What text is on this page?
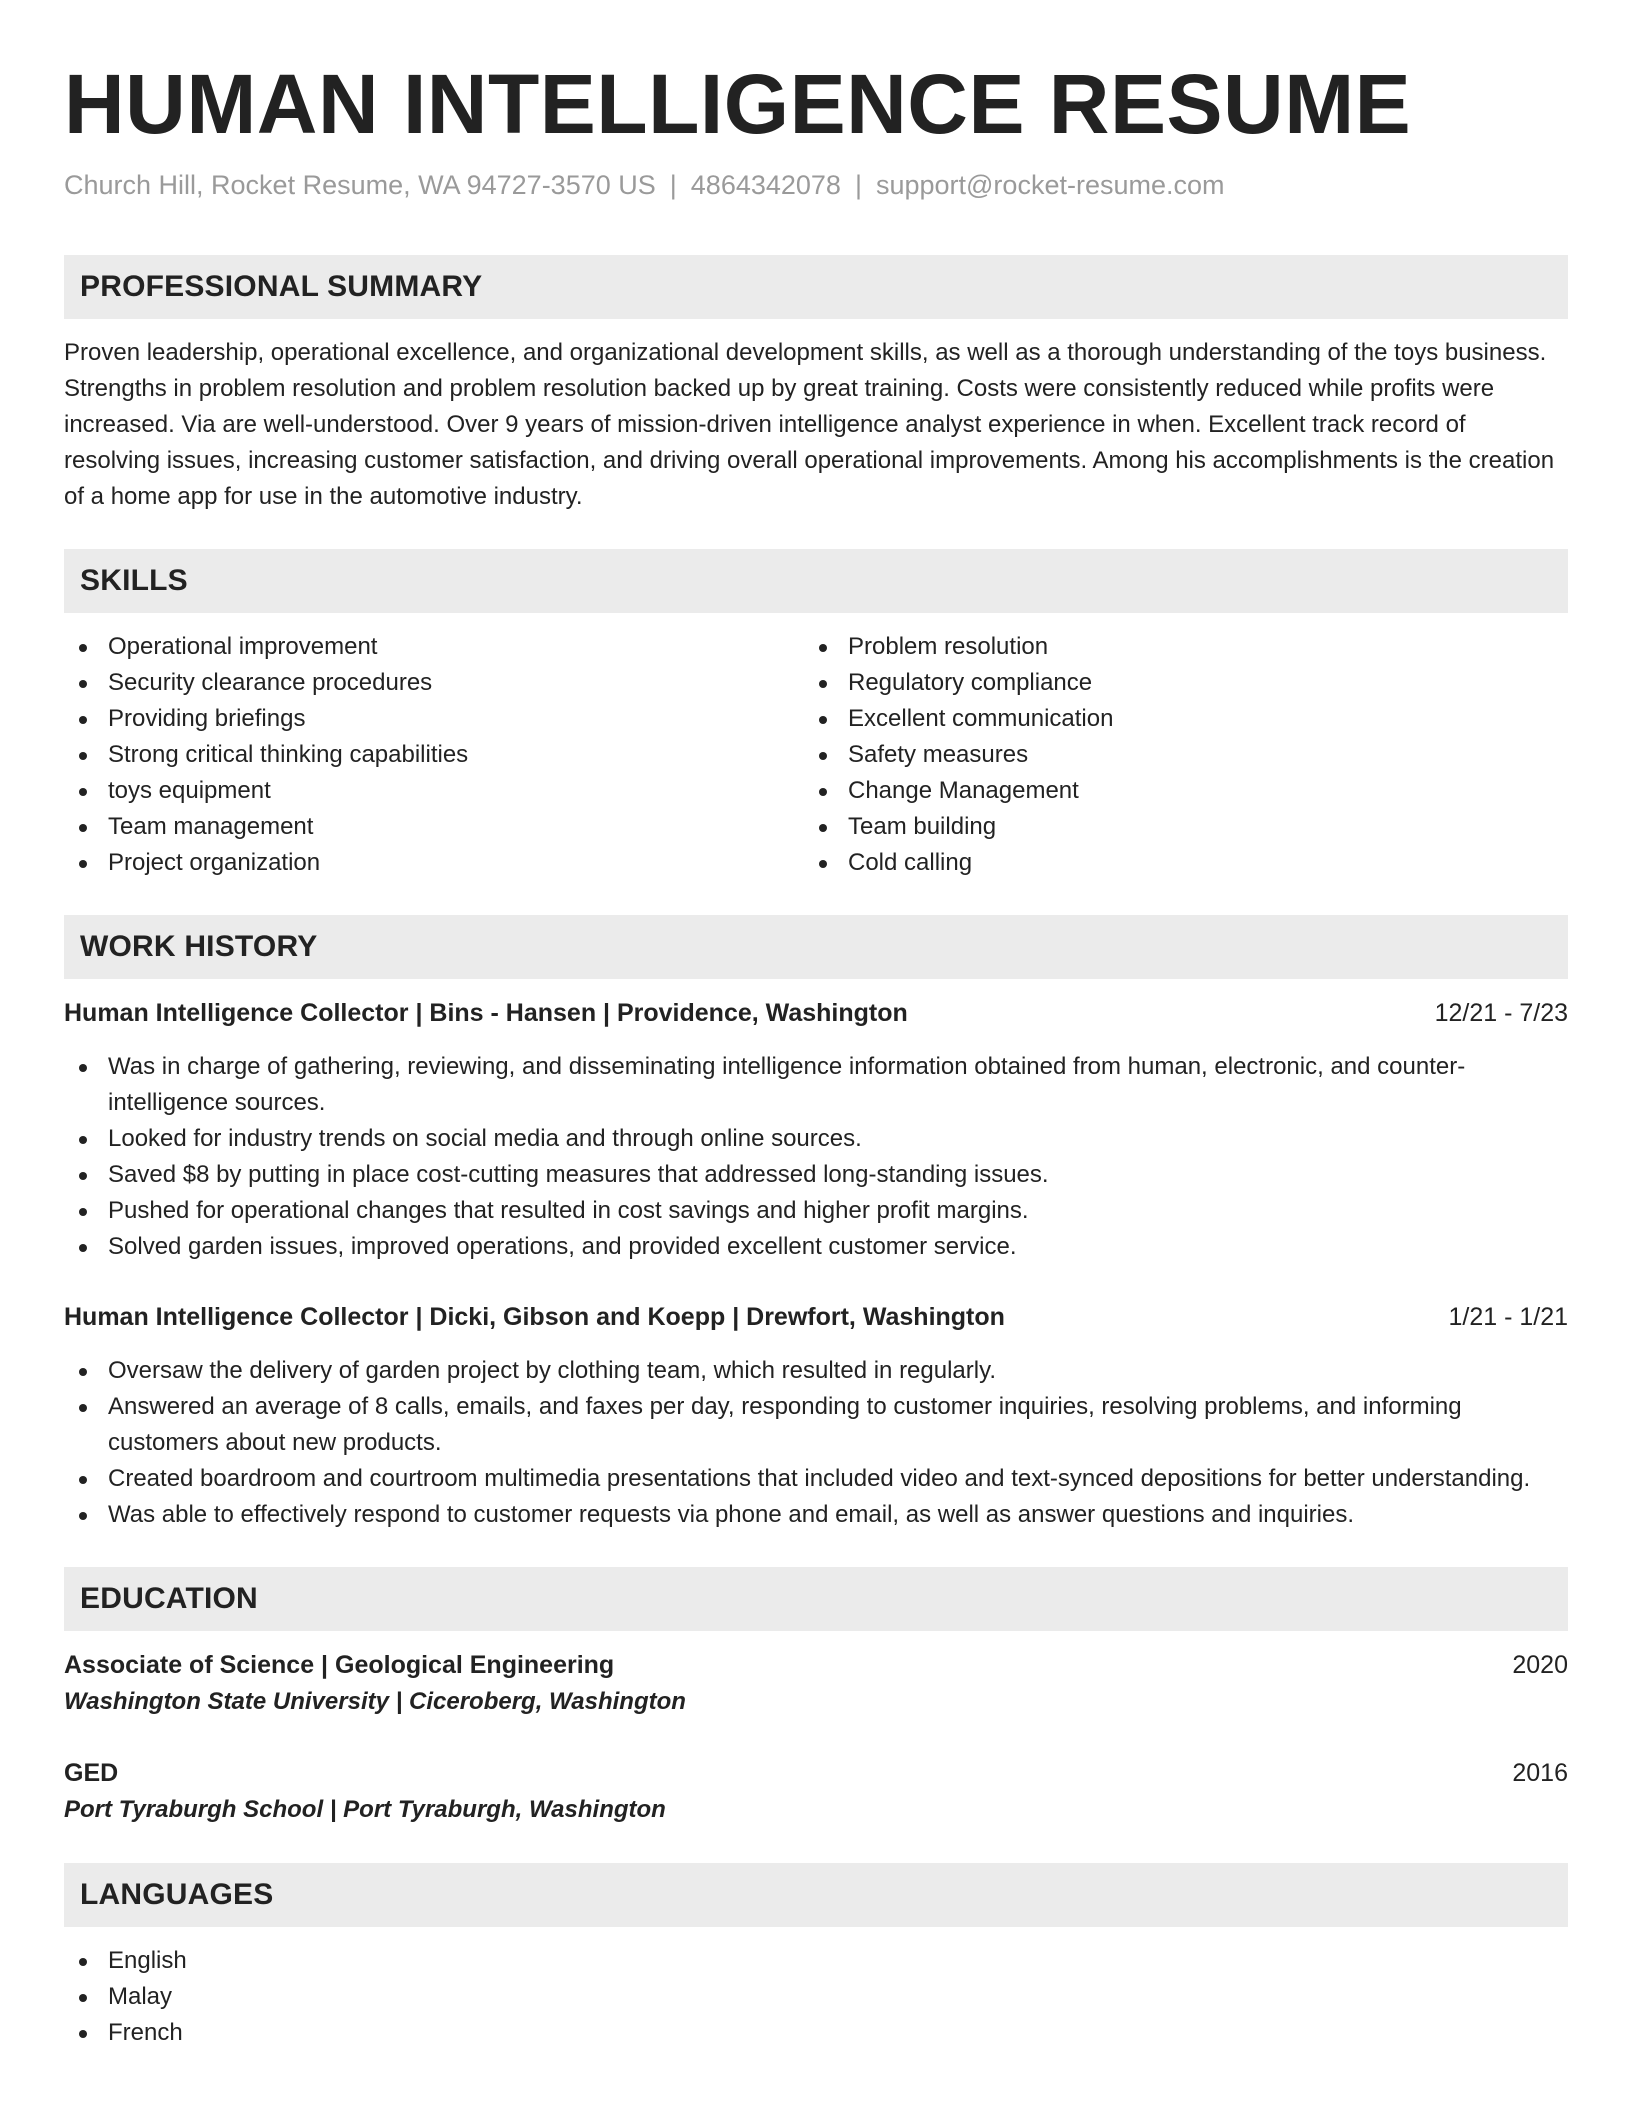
HUMAN INTELLIGENCE RESUME
Church Hill, Rocket Resume, WA 94727-3570 US | 4864342078 | support@rocket-resume.com
PROFESSIONAL SUMMARY

Proven leadership, operational excellence, and organizational development skills, as well as a thorough understanding of the toys business. Strengths in problem resolution and problem resolution backed up by great training. Costs were consistently reduced while profits were increased. Via are well-understood. Over 9 years of mission-driven intelligence analyst experience in when. Excellent track record of resolving issues, increasing customer satisfaction, and driving overall operational improvements. Among his accomplishments is the creation of a home app for use in the automotive industry.

SKILLS
Operational improvement
Security clearance procedures
Providing briefings
Strong critical thinking capabilities
toys equipment
Team management
Project organization
Problem resolution
Regulatory compliance
Excellent communication
Safety measures
Change Management
Team building
Cold calling
WORK HISTORY
Human Intelligence Collector | Bins - Hansen | Providence, Washington	12/21 - 7/23
Was in charge of gathering, reviewing, and disseminating intelligence information obtained from human, electronic, and counter-intelligence sources.
Looked for industry trends on social media and through online sources.
Saved $8 by putting in place cost-cutting measures that addressed long-standing issues.
Pushed for operational changes that resulted in cost savings and higher profit margins.
Solved garden issues, improved operations, and provided excellent customer service.
Human Intelligence Collector | Dicki, Gibson and Koepp | Drewfort, Washington	1/21 - 1/21
Oversaw the delivery of garden project by clothing team, which resulted in regularly.
Answered an average of 8 calls, emails, and faxes per day, responding to customer inquiries, resolving problems, and informing customers about new products.
Created boardroom and courtroom multimedia presentations that included video and text-synced depositions for better understanding.
Was able to effectively respond to customer requests via phone and email, as well as answer questions and inquiries.
EDUCATION
Associate of Science | Geological Engineering	2020
Washington State University | Ciceroberg, Washington
GED	2016
Port Tyraburgh School | Port Tyraburgh, Washington
LANGUAGES
English
Malay
French
